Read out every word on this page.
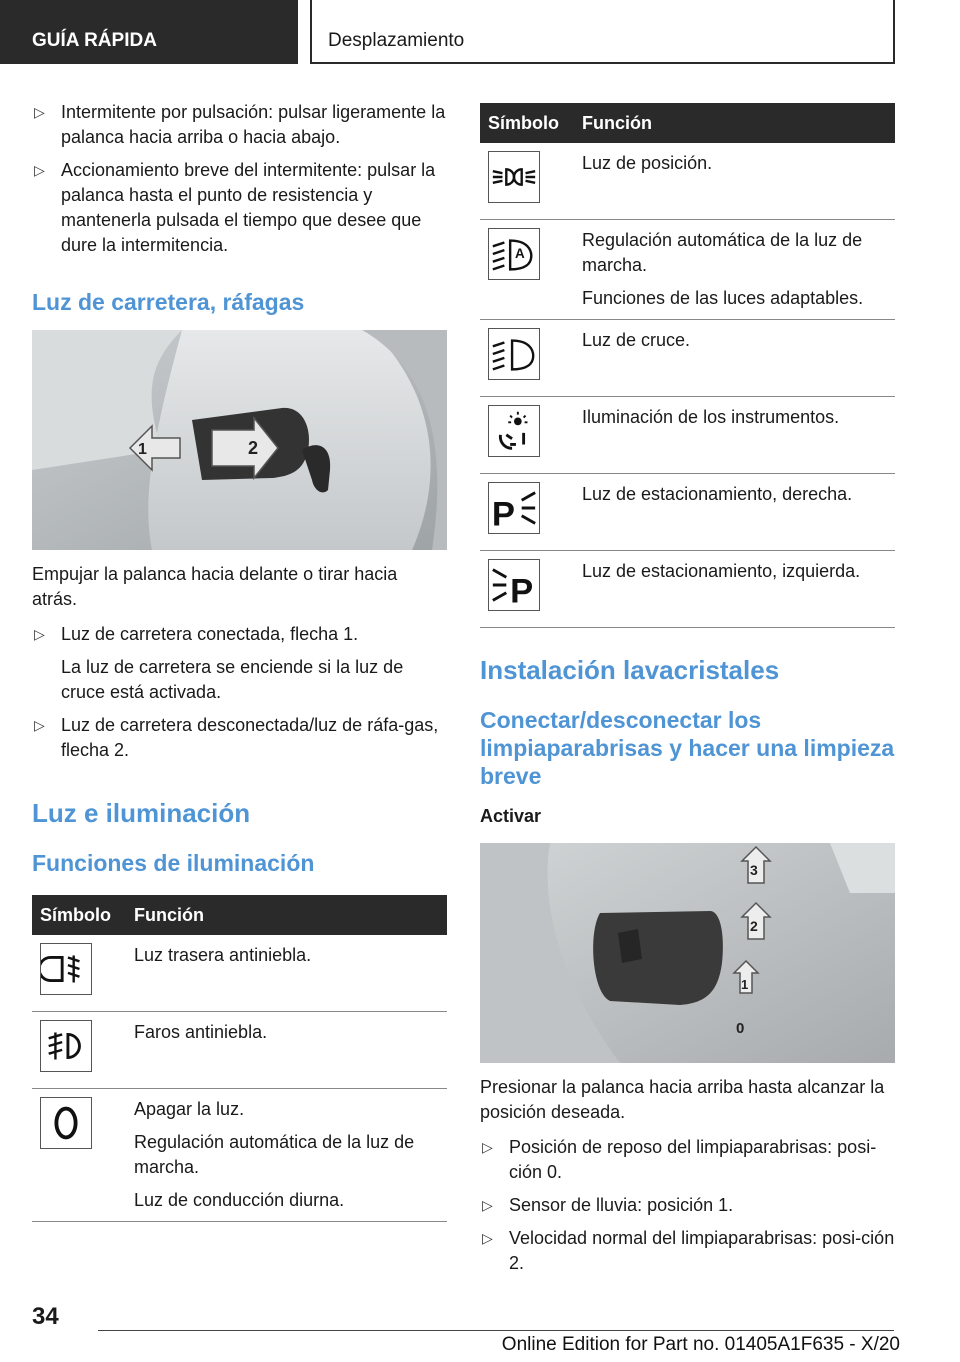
GUÍA RÁPIDA	Desplazamiento
▷ Intermitente por pulsación: pulsar ligeramente la palanca hacia arriba o hacia abajo.
▷ Accionamiento breve del intermitente: pulsar la palanca hasta el punto de resistencia y mantenerla pulsada el tiempo que desee que dure la intermitencia.
Luz de carretera, ráfagas
1	2

Empujar la palanca hacia delante o tirar hacia atrás.

▷ Luz de carretera conectada, flecha 1.
La luz de carretera se enciende si la luz de cruce está activada.
▷ Luz de carretera desconectada/luz de ráfa-gas, flecha 2.
Luz e iluminación
Funciones de iluminación
Símbolo	Función

Luz trasera antiniebla.

Faros antiniebla.

Apagar la luz.
Regulación automática de la luz de marcha.
Luz de conducción diurna.
Símbolo	Función

Luz de posición.

A	Regulación automática de la luz de marcha.
Funciones de las luces adaptables.

Luz de cruce.

Iluminación de los instrumentos.

P	Luz de estacionamiento, derecha.

P	Luz de estacionamiento, izquierda.
Instalación lavacristales
Conectar/desconectar los limpiaparabrisas y hacer una limpieza breve
Activar
3
2
1
0

Presionar la palanca hacia arriba hasta alcanzar la posición deseada.

▷ Posición de reposo del limpiaparabrisas: posi-ción 0.
▷ Sensor de lluvia: posición 1.
▷ Velocidad normal del limpiaparabrisas: posi-ción 2.
34
Online Edition for Part no. 01405A1F635 - X/20
